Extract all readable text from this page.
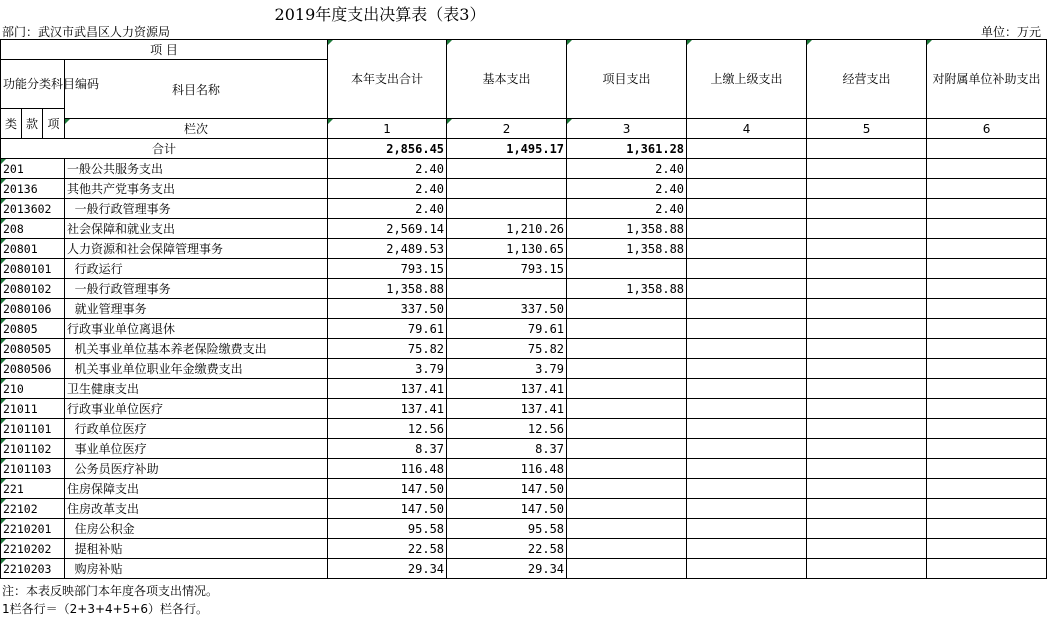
2019年度支出决算表（表3）
部门：武汉市武昌区人力资源局	单位：万元
项 目				本年支出合计	基本支出	项目支出	上缴上级支出	经营支出	对附属单位补助支出
功能分类科目编码			科目名称						
类	款	项							
			栏次	1	2	3	4	5	6
合计				2,856.45	1,495.17	1,361.28			
201			一般公共服务支出	2.40		2.40			
20136			其他共产党事务支出	2.40		2.40			
2013602			一般行政管理事务	2.40		2.40			
208			社会保障和就业支出	2,569.14	1,210.26	1,358.88			
20801			人力资源和社会保障管理事务	2,489.53	1,130.65	1,358.88			
2080101			行政运行	793.15	793.15				
2080102			一般行政管理事务	1,358.88		1,358.88			
2080106			就业管理事务	337.50	337.50				
20805			行政事业单位离退休	79.61	79.61				
2080505			机关事业单位基本养老保险缴费支出	75.82	75.82				
2080506			机关事业单位职业年金缴费支出	3.79	3.79				
210			卫生健康支出	137.41	137.41				
21011			行政事业单位医疗	137.41	137.41				
2101101			行政单位医疗	12.56	12.56				
2101102			事业单位医疗	8.37	8.37				
2101103			公务员医疗补助	116.48	116.48				
221			住房保障支出	147.50	147.50				
22102			住房改革支出	147.50	147.50				
2210201			住房公积金	95.58	95.58				
2210202			提租补贴	22.58	22.58				
2210203			购房补贴	29.34	29.34				
注：本表反映部门本年度各项支出情况。
1栏各行＝（2+3+4+5+6）栏各行。
